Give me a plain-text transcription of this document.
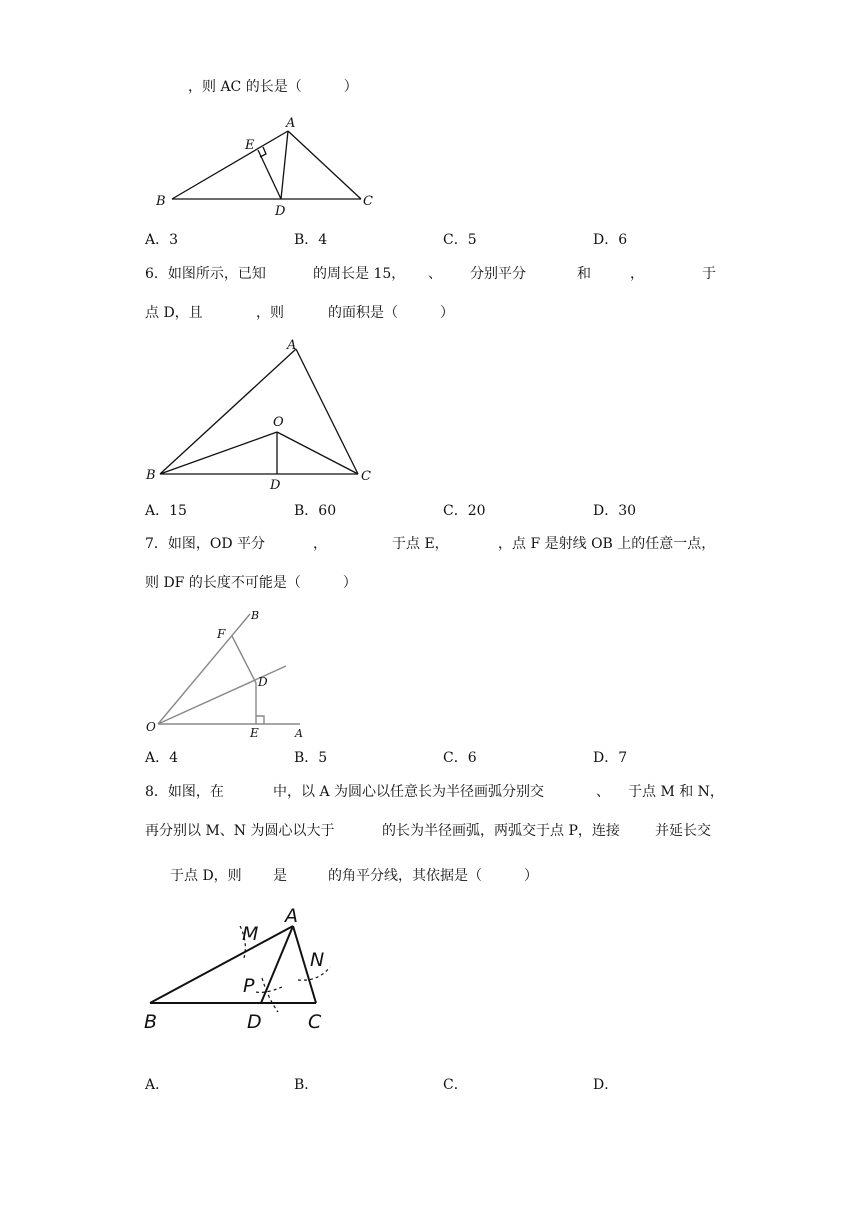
，则 AC 的长是（　　　）
A
E
B
D
C
A．3	B．4	C．5	D．6
6．如图所示，已知	的周长是 15， 、 分别平分	和	，	于
点 D，且	，则	的面积是（　　　）
A
O
B
D
C
A．15	B．60	C．20	D．30
7．如图，OD 平分	，	于点 E，	，点 F 是射线 OB 上的任意一点，
则 DF 的长度不可能是（　　　）
B
F
D
O	E	A
A．4	B．5	C．6	D．7
8．如图，在	中，以 A 为圆心以任意长为半径画弧分别交	、 于点 M 和 N，
再分别以 M、N 为圆心以大于	的长为半径画弧，两弧交于点 P，连接	并延长交
于点 D，则 是	的角平分线，其依据是（　　　）
A
M
N
P
B	D C
A．	B．	C．	D．
